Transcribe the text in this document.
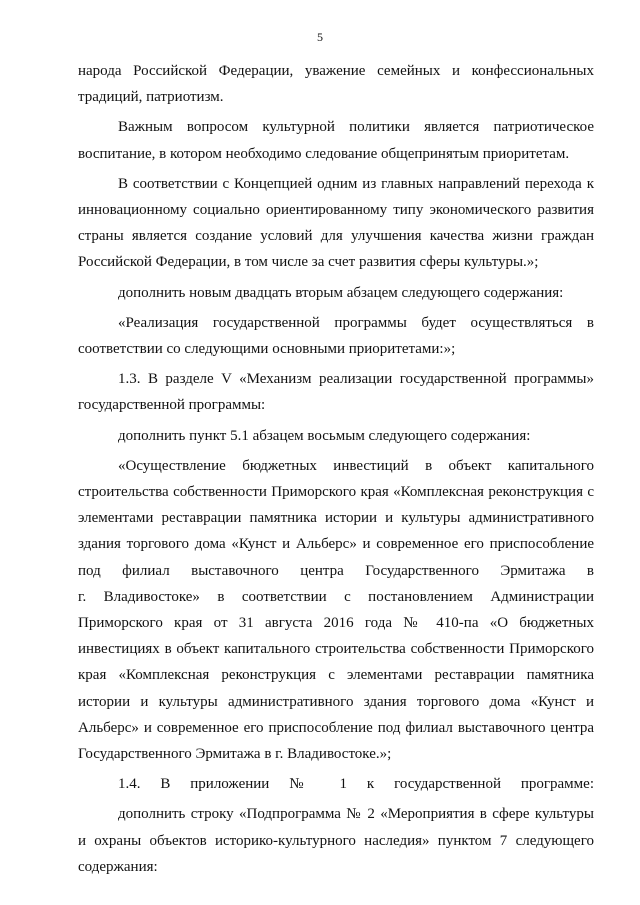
5

народа Российской Федерации, уважение семейных и конфессиональных
традиций, патриотизм.

Важным вопросом культурной политики является патриотическое
воспитание, в котором необходимо следование общепринятым приоритетам.

В соответствии с Концепцией одним из главных направлений перехода к
инновационному социально ориентированному типу экономического развития
страны является создание условий для улучшения качества жизни граждан
Российской Федерации, в том числе за счет развития сферы культуры.»;

дополнить новым двадцать вторым абзацем следующего содержания:

«Реализация государственной программы будет осуществляться в
соответствии со следующими основными приоритетами:»;

1.3. В разделе V «Механизм реализации государственной программы»
государственной программы:

дополнить пункт 5.1 абзацем восьмым следующего содержания:

«Осуществление бюджетных инвестиций в объект капитального
строительства собственности Приморского края «Комплексная реконструкция с
элементами реставрации памятника истории и культуры административного
здания торгового дома «Кунст и Альберс» и современное его приспособление
под филиал выставочного центра Государственного Эрмитажа в
г. Владивостоке» в соответствии с постановлением Администрации
Приморского края от 31 августа 2016 года № 410-па «О бюджетных
инвестициях в объект капитального строительства собственности Приморского
края «Комплексная реконструкция с элементами реставрации памятника
истории и культуры административного здания торгового дома «Кунст и
Альберс» и современное его приспособление под филиал выставочного центра
Государственного Эрмитажа в г. Владивостоке.»;

1.4. В приложении № 1 к государственной программе:

дополнить строку «Подпрограмма № 2 «Мероприятия в сфере культуры
и охраны объектов историко-культурного наследия» пунктом 7 следующего
содержания:
